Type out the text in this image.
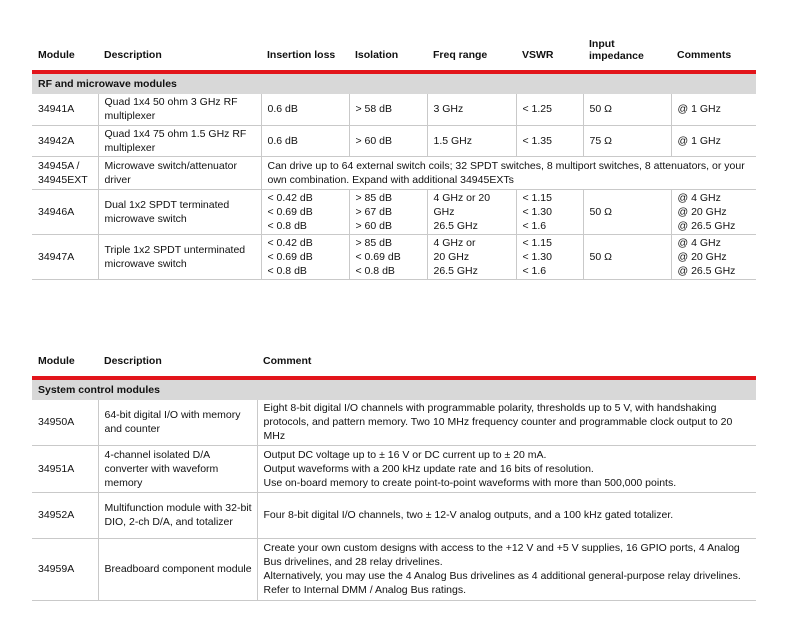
Module	Description	Insertion loss	Isolation	Freq range	VSWR	Input impedance	Comments

RF and microwave modules							
34941A	Quad 1x4 50 ohm 3 GHz RF multiplexer	0.6 dB	> 58 dB	3 GHz	< 1.25	50 Ω	@ 1 GHz
34942A	Quad 1x4 75 ohm 1.5 GHz RF multiplexer	0.6 dB	> 60 dB	1.5 GHz	< 1.35	75 Ω	@ 1 GHz
34945A / 34945EXT	Microwave switch/attenuator driver	Can drive up to 64 external switch coils; 32 SPDT switches, 8 multiport switches, 8 attenuators, or your own combination. Expand with additional 34945EXTs					
34946A	Dual 1x2 SPDT terminated microwave switch	< 0.42 dB
< 0.69 dB
< 0.8 dB	> 85 dB
> 67 dB
> 60 dB	4 GHz or 20
GHz
26.5 GHz	< 1.15
< 1.30
< 1.6	50 Ω	@ 4 GHz
@ 20 GHz
@ 26.5 GHz

34947A	Triple 1x2 SPDT unterminated microwave switch	< 0.42 dB
< 0.69 dB
< 0.8 dB	> 85 dB
< 0.69 dB
< 0.8 dB	4 GHz or
20 GHz
26.5 GHz	< 1.15
< 1.30
< 1.6	50 Ω	@ 4 GHz
@ 20 GHz
@ 26.5 GHz
Module	Description	Comment

System control modules		
34950A	64-bit digital I/O with memory and counter	Eight 8-bit digital I/O channels with programmable polarity, thresholds up to 5 V, with handshaking protocols, and pattern memory. Two 10 MHz frequency counter and programmable clock output to 20 MHz

34951A	4-channel isolated D/A converter with waveform memory	Output DC voltage up to ± 16 V or DC current up to ± 20 mA.
Output waveforms with a 200 kHz update rate and 16 bits of resolution.
Use on-board memory to create point-to-point waveforms with more than 500,000 points.

34952A	Multifunction module with 32-bit DIO, 2-ch D/A, and totalizer	Four 8-bit digital I/O channels, two ± 12-V analog outputs, and a 100 kHz gated totalizer.

34959A	Breadboard component module	Create your own custom designs with access to the +12 V and +5 V supplies, 16 GPIO ports, 4 Analog Bus drivelines, and 28 relay drivelines.
Alternatively, you may use the 4 Analog Bus drivelines as 4 additional general-purpose relay drivelines. Refer to Internal DMM / Analog Bus ratings.
